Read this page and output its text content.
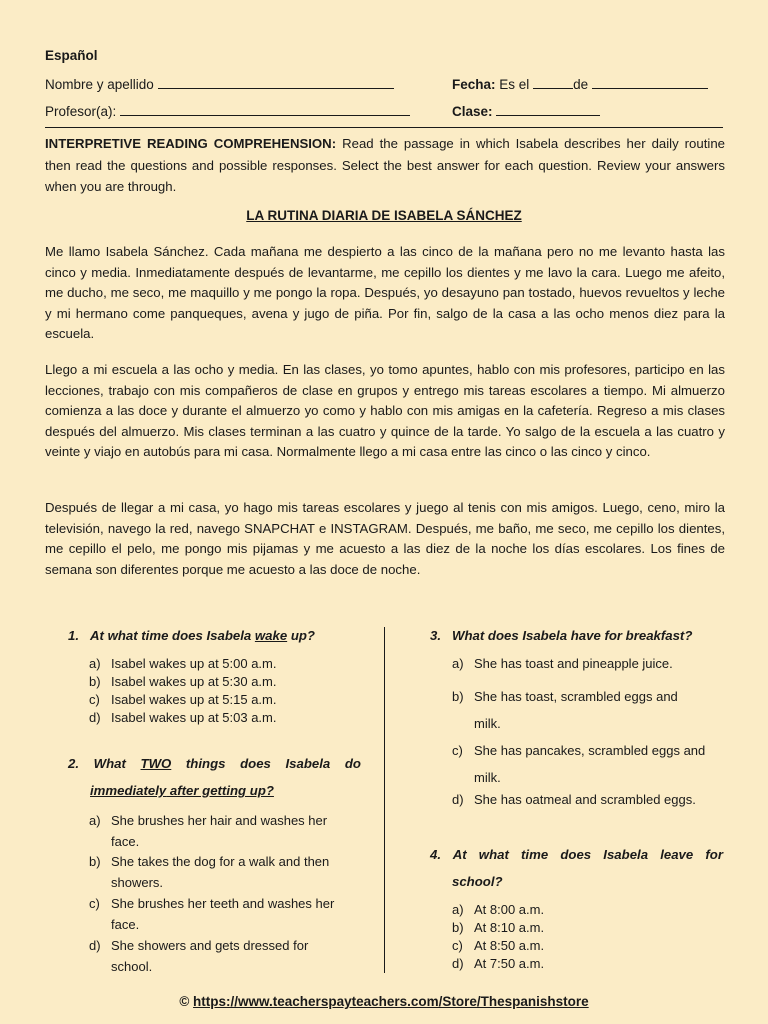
Español
Nombre y apellido	Fecha: Es el	de
Profesor(a):	Clase:
INTERPRETIVE READING COMPREHENSION: Read the passage in which Isabela describes her daily routine then read the questions and possible responses. Select the best answer for each question. Review your answers when you are through.
LA RUTINA DIARIA DE ISABELA SÁNCHEZ
Me llamo Isabela Sánchez. Cada mañana me despierto a las cinco de la mañana pero no me levanto hasta las cinco y media. Inmediatamente después de levantarme, me cepillo los dientes y me lavo la cara. Luego me afeito, me ducho, me seco, me maquillo y me pongo la ropa. Después, yo desayuno pan tostado, huevos revueltos y leche y mi hermano come panqueques, avena y jugo de piña. Por fin, salgo de la casa a las ocho menos diez para la escuela.
Llego a mi escuela a las ocho y media. En las clases, yo tomo apuntes, hablo con mis profesores, participo en las lecciones, trabajo con mis compañeros de clase en grupos y entrego mis tareas escolares a tiempo. Mi almuerzo comienza a las doce y durante el almuerzo yo como y hablo con mis amigas en la cafetería. Regreso a mis clases después del almuerzo. Mis clases terminan a las cuatro y quince de la tarde. Yo salgo de la escuela a las cuatro y veinte y viajo en autobús para mi casa. Normalmente llego a mi casa entre las cinco o las cinco y cinco.
Después de llegar a mi casa, yo hago mis tareas escolares y juego al tenis con mis amigos. Luego, ceno, miro la televisión, navego la red, navego SNAPCHAT e INSTAGRAM. Después, me baño, me seco, me cepillo los dientes, me cepillo el pelo, me pongo mis pijamas y me acuesto a las diez de la noche los días escolares. Los fines de semana son diferentes porque me acuesto a las doce de noche.
1. At what time does Isabela wake up?
a) Isabel wakes up at 5:00 a.m.
b) Isabel wakes up at 5:30 a.m.
c) Isabel wakes up at 5:15 a.m.
d) Isabel wakes up at 5:03 a.m.
2. What TWO things does Isabela do
immediately after getting up?
a) She brushes her hair and washes her
face.
b) She takes the dog for a walk and then
showers.
c) She brushes her teeth and washes her
face.
d) She showers and gets dressed for
school.
3. What does Isabela have for breakfast?
a) She has toast and pineapple juice.
b) She has toast, scrambled eggs and
milk.
c) She has pancakes, scrambled eggs and
milk.
d) She has oatmeal and scrambled eggs.
4. At what time does Isabela leave for
school?
a) At 8:00 a.m.
b) At 8:10 a.m.
c) At 8:50 a.m.
d) At 7:50 a.m.
© https://www.teacherspayteachers.com/Store/Thespanishstore
